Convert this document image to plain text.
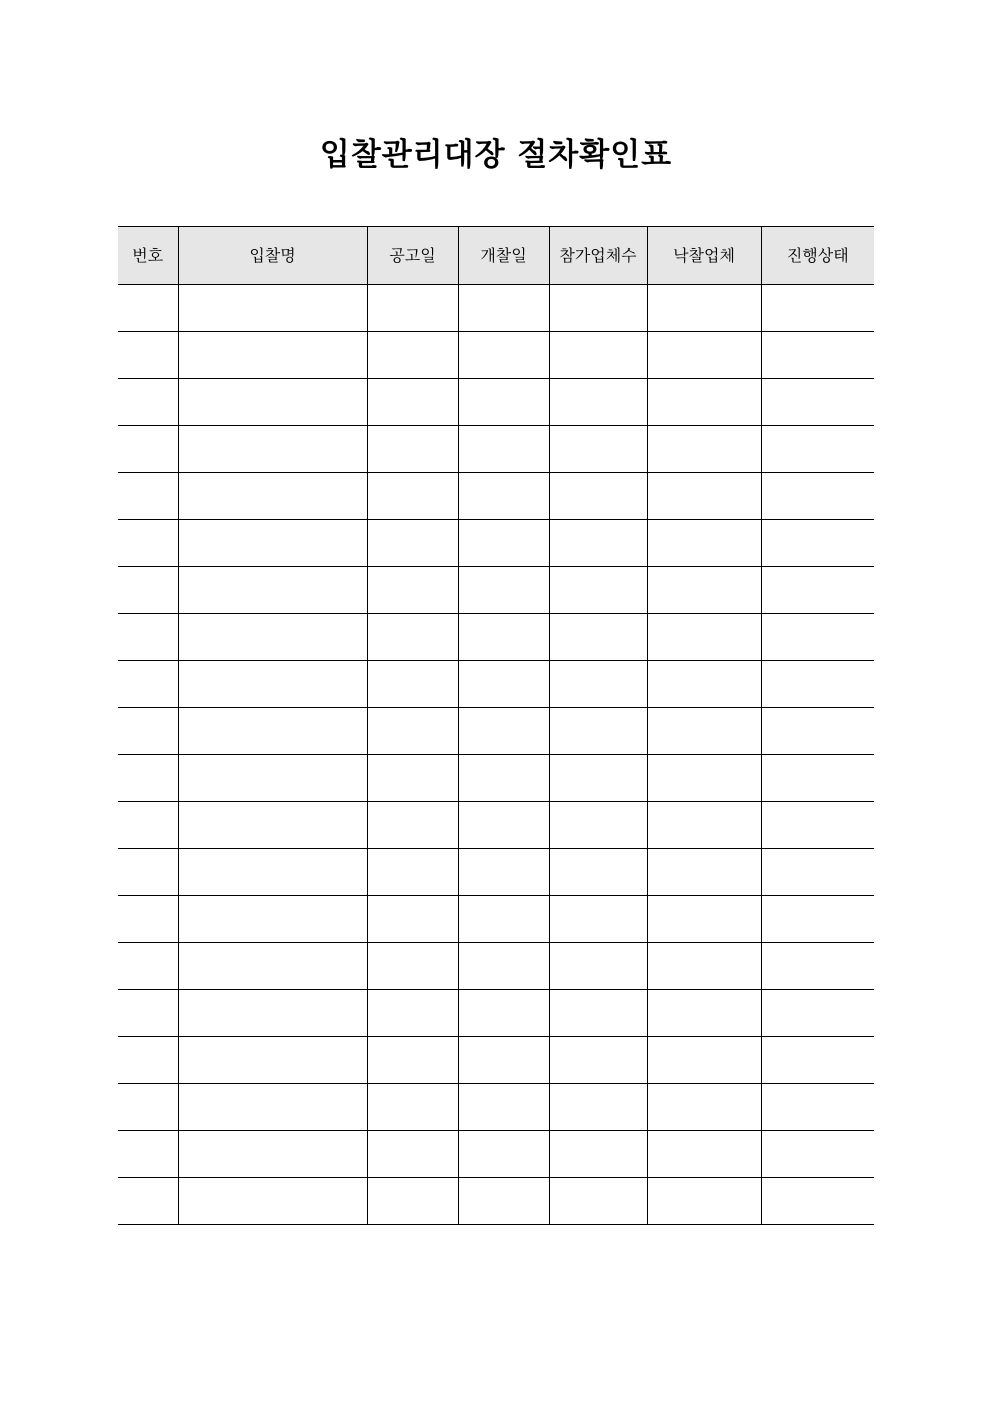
입찰관리대장 절차확인표
번호	입찰명	공고일	개찰일	참가업체수	낙찰업체	진행상태
